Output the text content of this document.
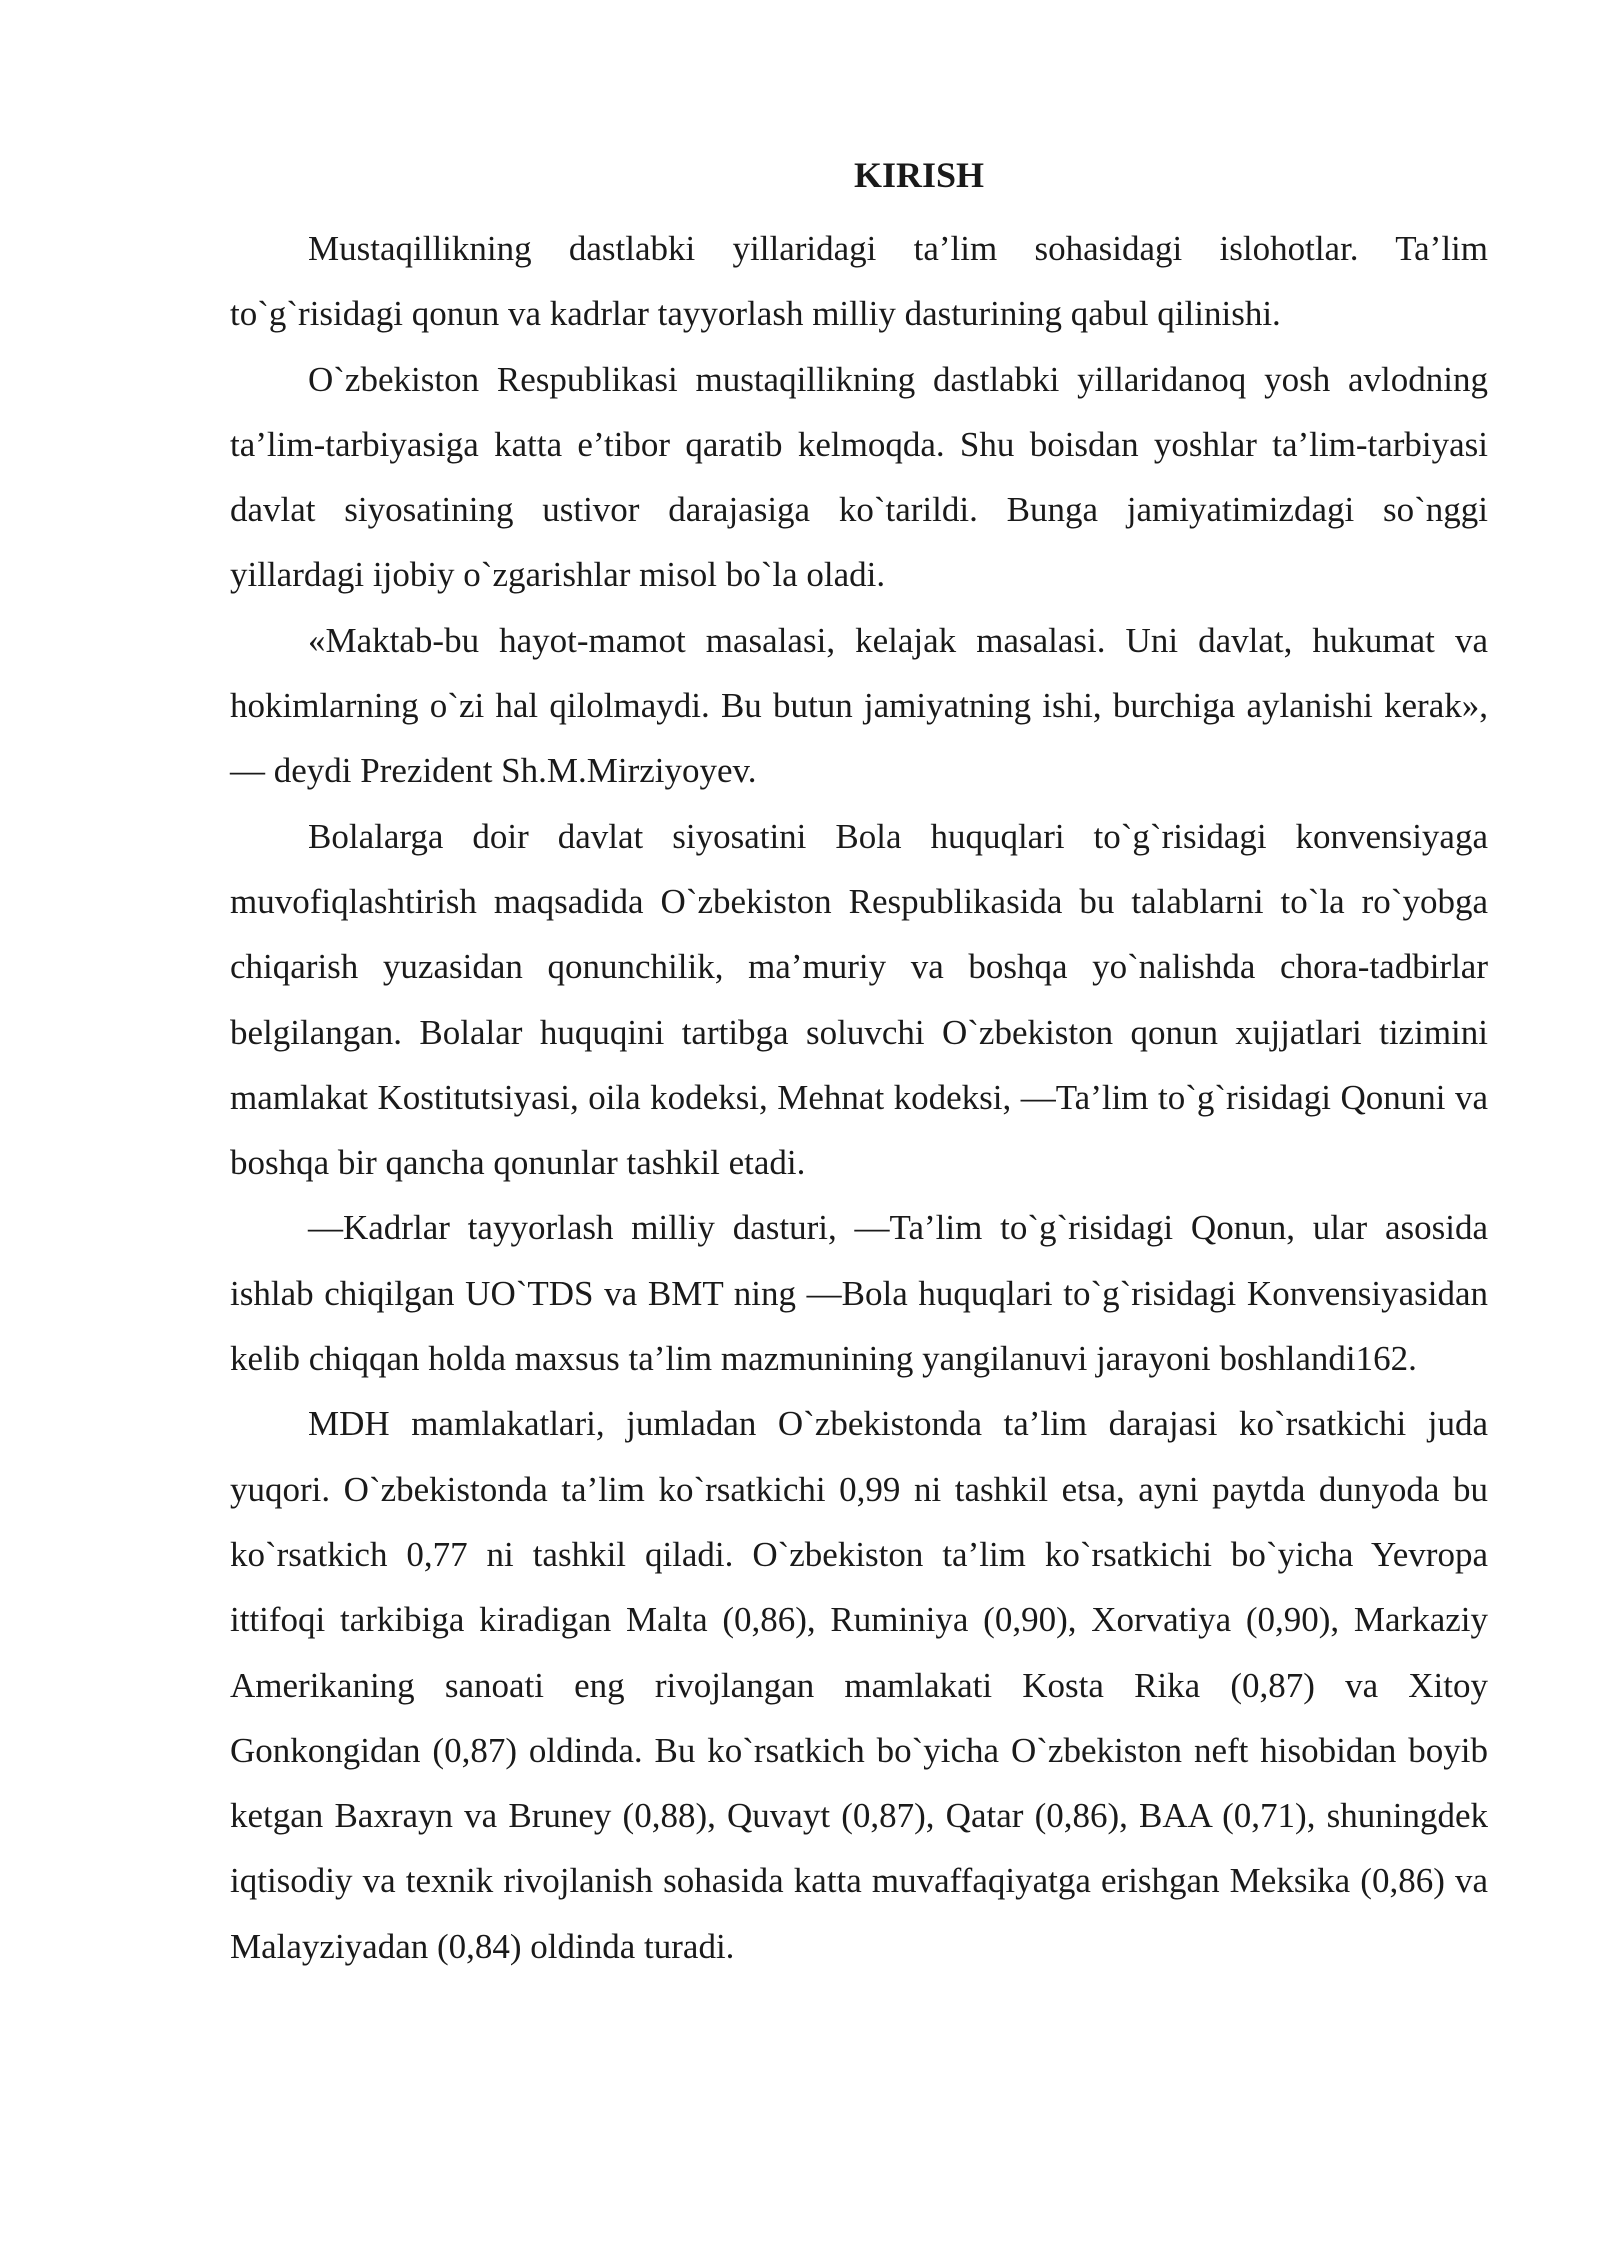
KIRISH

Mustaqillikning dastlabki yillaridagi ta’lim sohasidagi islohotlar. Ta’lim to`g`risidagi qonun va kadrlar tayyorlash milliy dasturining qabul qilinishi.

O`zbekiston Respublikasi mustaqillikning dastlabki yillaridanoq yosh avlodning ta’lim-tarbiyasiga katta e’tibor qaratib kelmoqda. Shu boisdan yoshlar ta’lim-tarbiyasi davlat siyosatining ustivor darajasiga ko`tarildi. Bunga jamiyatimizdagi so`nggi yillardagi ijobiy o`zgarishlar misol bo`la oladi.

«Maktab-bu hayot-mamot masalasi, kelajak masalasi. Uni davlat, hukumat va hokimlarning o`zi hal qilolmaydi. Bu butun jamiyatning ishi, burchiga aylanishi kerak», — deydi Prezident Sh.M.Mirziyoyev.

Bolalarga doir davlat siyosatini Bola huquqlari to`g`risidagi konvensiyaga muvofiqlashtirish maqsadida O`zbekiston Respublikasida bu talablarni to`la ro`yobga chiqarish yuzasidan qonunchilik, ma’muriy va boshqa yo`nalishda chora-tadbirlar belgilangan. Bolalar huquqini tartibga soluvchi O`zbekiston qonun xujjatlari tizimini mamlakat Kostitutsiyasi, oila kodeksi, Mehnat kodeksi, —Ta’lim to`g`risidagi Qonuni va boshqa bir qancha qonunlar tashkil etadi.

—Kadrlar tayyorlash milliy dasturi, —Ta’lim to`g`risidagi Qonun, ular asosida ishlab chiqilgan UO`TDS va BMT ning —Bola huquqlari to`g`risidagi Konvensiyasidan kelib chiqqan holda maxsus ta’lim mazmunining yangilanuvi jarayoni boshlandi162.

MDH mamlakatlari, jumladan O`zbekistonda ta’lim darajasi ko`rsatkichi juda yuqori. O`zbekistonda ta’lim ko`rsatkichi 0,99 ni tashkil etsa, ayni paytda dunyoda bu ko`rsatkich 0,77 ni tashkil qiladi. O`zbekiston ta’lim ko`rsatkichi bo`yicha Yevropa ittifoqi tarkibiga kiradigan Malta (0,86), Ruminiya (0,90), Xorvatiya (0,90), Markaziy Amerikaning sanoati eng rivojlangan mamlakati Kosta Rika (0,87) va Xitoy Gonkongidan (0,87) oldinda. Bu ko`rsatkich bo`yicha O`zbekiston neft hisobidan boyib ketgan Baxrayn va Bruney (0,88), Quvayt (0,87), Qatar (0,86), BAA (0,71), shuningdek iqtisodiy va texnik rivojlanish sohasida katta muvaffaqiyatga erishgan Meksika (0,86) va Malayziyadan (0,84) oldinda turadi.
